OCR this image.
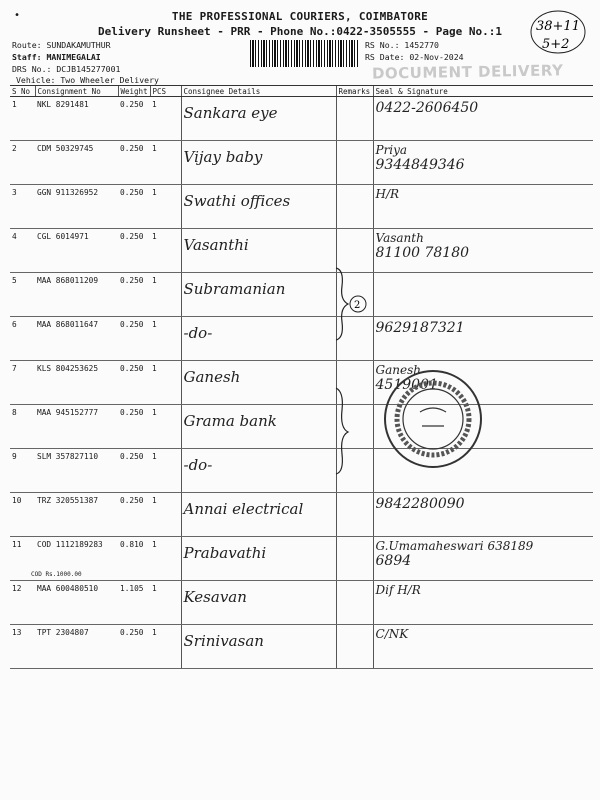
•	THE PROFESSIONAL COURIERS, COIMBATORE
Delivery Runsheet - PRR - Phone No.:0422-3505555 - Page No.:1
Route: SUNDAKAMUTHUR
Staff: MANIMEGALAI
DRS No.: DCJB145277001
Vehicle: Two Wheeler Delivery
RS No.: 1452770
RS Date: 02-Nov-2024
DOCUMENT DELIVERY
38+11
5+2
S No	Consignment No	Weight	PCS	Consignee Details	Remarks	Seal & Signature
1	NKL 8291481	0.250	1	Sankara eye		0422-2606450

2	CDM 50329745	0.250	1	Vijay baby		Priya
9344849346

3	GGN 911326952	0.250	1	Swathi offices		H/R

4	CGL 6014971	0.250	1	Vasanthi		Vasanth
81100 78180

5	MAA 868011209	0.250	1	Subramanian		

6	MAA 868011647	0.250	1	-do-		9629187321

7	KLS 804253625	0.250	1	Ganesh		Ganesh
4519001

8	MAA 945152777	0.250	1	Grama bank		

9	SLM 357827110	0.250	1	-do-		

10	TRZ 320551387	0.250	1	Annai electrical		9842280090

11	COD 1112189283
COD Rs.1000.00	0.810	1	Prabavathi		G.Umamaheswari 638189
6894

12	MAA 600480510	1.105	1	Kesavan		Dif H/R

13	TPT 2304807	0.250	1	Srinivasan		C/NK
2
